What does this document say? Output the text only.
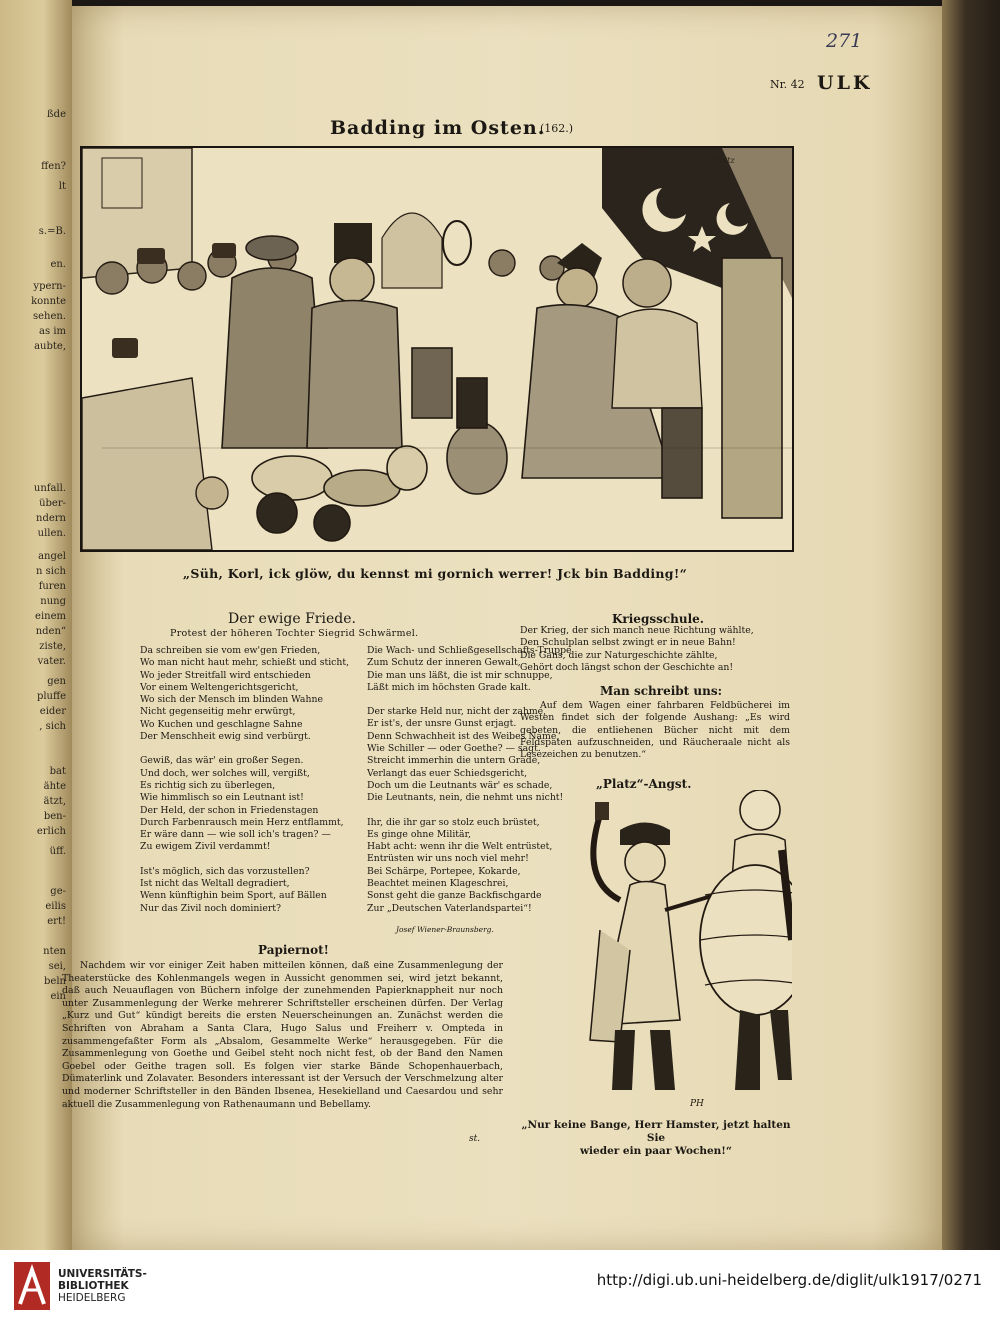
ßde
ffen?
lt
s.=B.
en.
ypern-
konnte
sehen.
as im
aubte,
unfall.
über-
ndern
ullen.
angel
n sich
furen
nung
einem
nden“
ziste,
vater.
gen
pluffe
eider
, sich
bat
ähte
ätzt,
ben-
erlich
üff.
ge-
eilis
ert!
nten
sei,
beln
ein
271
Nr. 42 ULK
Badding im Osten.
(162.)
A. Heitz
„Süh, Korl, ick glöw, du kennst mi gornich werrer! Jck bin Badding!“
Der ewige Friede.
Protest der höheren Tochter Siegrid Schwärmel.
Da schreiben sie vom ew'gen Frieden,
Wo man nicht haut mehr, schießt und sticht,
Wo jeder Streitfall wird entschieden
Vor einem Weltengerichtsgericht,
Wo sich der Mensch im blinden Wahne
Nicht gegenseitig mehr erwürgt,
Wo Kuchen und geschlagne Sahne
Der Menschheit ewig sind verbürgt.
Gewiß, das wär' ein großer Segen.
Und doch, wer solches will, vergißt,
Es richtig sich zu überlegen,
Wie himmlisch so ein Leutnant ist!
Der Held, der schon in Friedenstagen
Durch Farbenrausch mein Herz entflammt,
Er wäre dann — wie soll ich's tragen? —
Zu ewigem Zivil verdammt!
Ist's möglich, sich das vorzustellen?
Ist nicht das Weltall degradiert,
Wenn künftighin beim Sport, auf Bällen
Nur das Zivil noch dominiert?
Die Wach- und Schließgesellschafts-Truppe
Zum Schutz der inneren Gewalt,
Die man uns läßt, die ist mir schnuppe,
Läßt mich im höchsten Grade kalt.
Der starke Held nur, nicht der zahme,
Er ist's, der unsre Gunst erjagt.
Denn Schwachheit ist des Weibes Name,
Wie Schiller — oder Goethe? — sagt.
Streicht immerhin die untern Grade,
Verlangt das euer Schiedsgericht,
Doch um die Leutnants wär' es schade,
Die Leutnants, nein, die nehmt uns nicht!
Ihr, die ihr gar so stolz euch brüstet,
Es ginge ohne Militär,
Habt acht: wenn ihr die Welt entrüstet,
Entrüsten wir uns noch viel mehr!
Bei Schärpe, Portepee, Kokarde,
Beachtet meinen Klageschrei,
Sonst geht die ganze Backfischgarde
Zur „Deutschen Vaterlandspartei“!
Josef Wiener-Braunsberg.
Kriegsschule.
Der Krieg, der sich manch neue Richtung wählte,
Den Schulplan selbst zwingt er in neue Bahn!
Die Gans, die zur Naturgeschichte zählte,
Gehört doch längst schon der Geschichte an!
Man schreibt uns:
Auf dem Wagen einer fahrbaren Feldbücherei im Westen findet sich der folgende Aushang: „Es wird gebeten, die entliehenen Bücher nicht mit dem Feldspaten aufzuschneiden, und Räucheraale nicht als Lesezeichen zu benutzen.“
„Platz“-Angst.
PH
„Nur keine Bange, Herr Hamster, jetzt halten Sie
wieder ein paar Wochen!“
Papiernot!
Nachdem wir vor einiger Zeit haben mitteilen können, daß eine Zusammenlegung der Theaterstücke des Kohlenmangels wegen in Aussicht genommen sei, wird jetzt bekannt, daß auch Neuauflagen von Büchern infolge der zunehmenden Papierknappheit nur noch unter Zusammenlegung der Werke mehrerer Schriftsteller erscheinen dürfen. Der Verlag „Kurz und Gut“ kündigt bereits die ersten Neuerscheinungen an. Zunächst werden die Schriften von Abraham a Santa Clara, Hugo Salus und Freiherr v. Ompteda in zusammengefaßter Form als „Absalom, Gesammelte Werke“ herausgegeben. Für die Zusammenlegung von Goethe und Geibel steht noch nicht fest, ob der Band den Namen Goebel oder Geithe tragen soll. Es folgen vier starke Bände Schopenhauerbach, Dümaterlink und Zolavater. Besonders interessant ist der Versuch der Verschmelzung alter und moderner Schriftsteller in den Bänden Ibsenea, Hesekielland und Caesardou und sehr aktuell die Zusammenlegung von Rathenaumann und Bebellamy.
st.
UNIVERSITÄTS-
BIBLIOTHEK
HEIDELBERG
http://digi.ub.uni-heidelberg.de/diglit/ulk1917/0271
